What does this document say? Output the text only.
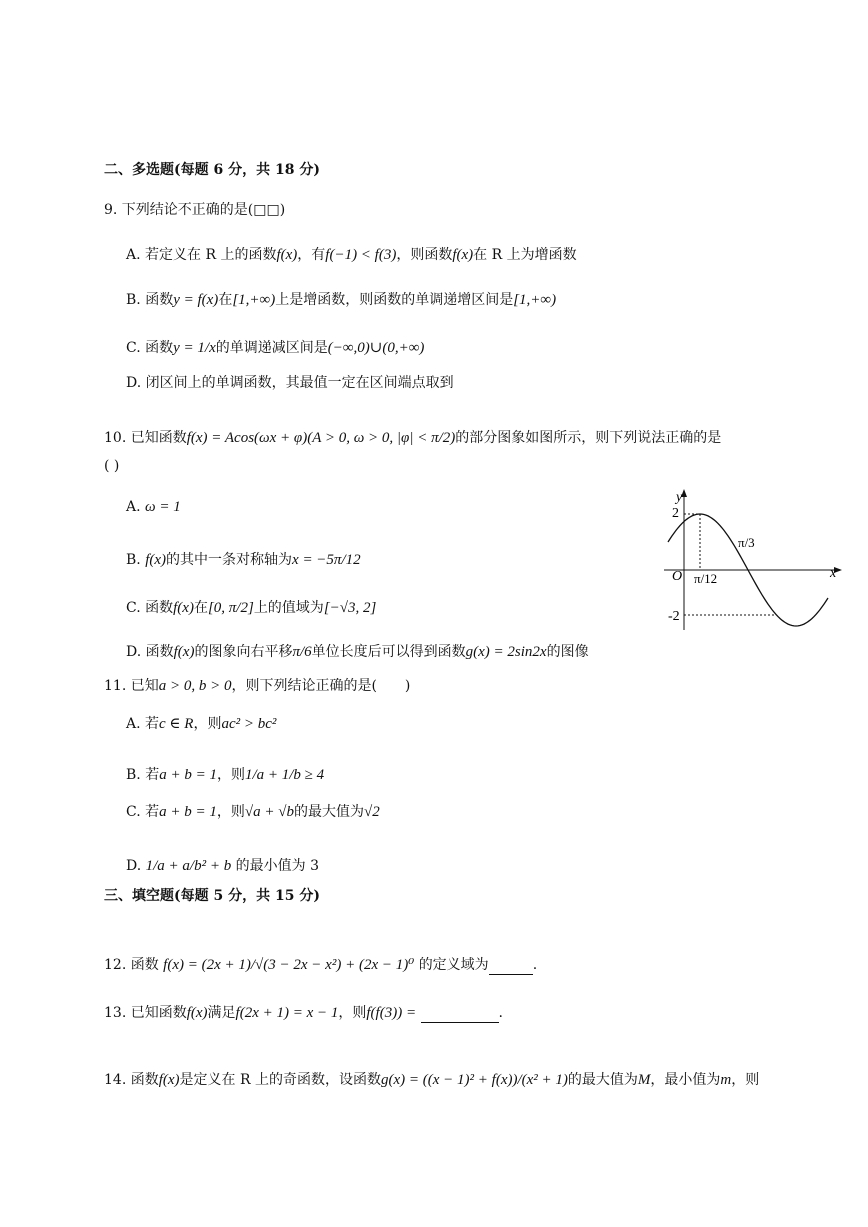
二、多选题(每题 6 分，共 18 分)
9. 下列结论不正确的是(□□)
A. 若定义在 R 上的函数f(x)，有f(−1) < f(3)，则函数f(x)在 R 上为增函数
B. 函数y = f(x)在[1,+∞)上是增函数，则函数的单调递增区间是[1,+∞)
C. 函数y = 1/x的单调递减区间是(−∞,0)∪(0,+∞)
D. 闭区间上的单调函数，其最值一定在区间端点取到
10. 已知函数f(x) = Acos(ωx + φ)(A > 0, ω > 0, |φ| < π/2)的部分图象如图所示，则下列说法正确的是
( )
A. ω = 1
B. f(x)的其中一条对称轴为x = −5π/12
C. 函数f(x)在[0, π/2]上的值域为[−√3, 2]
D. 函数f(x)的图象向右平移π/6单位长度后可以得到函数g(x) = 2sin2x的图像
y
x
O
2
-2
π/12
π/3
11. 已知a > 0, b > 0，则下列结论正确的是(　　)
A. 若c ∈ R，则ac² > bc²
B. 若a + b = 1，则1/a + 1/b ≥ 4
C. 若a + b = 1，则√a + √b的最大值为√2
D. 1/a + a/b² + b 的最小值为 3
三、填空题(每题 5 分，共 15 分)
12. 函数 f(x) = (2x + 1)/√(3 − 2x − x²) + (2x − 1)⁰ 的定义域为	.
13. 已知函数f(x)满足f(2x + 1) = x − 1，则f(f(3)) =	.
14. 函数f(x)是定义在 R 上的奇函数，设函数g(x) = ((x − 1)² + f(x))/(x² + 1)的最大值为M，最小值为m，则
